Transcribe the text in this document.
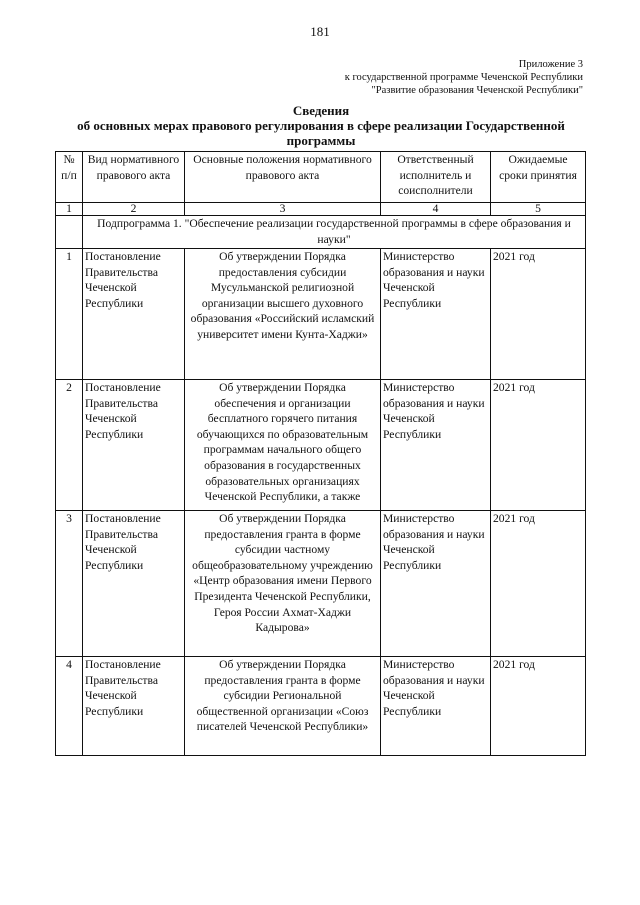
181
Приложение 3
к государственной программе Чеченской Республики
"Развитие образования Чеченской Республики"
Сведения
об основных мерах правового регулирования в сфере реализации Государственной
программы
№ п/п	Вид нормативного правового акта	Основные положения нормативного правового акта	Ответственный исполнитель и соисполнители	Ожидаемые сроки принятия
1	2	3	4	5
	Подпрограмма 1. "Обеспечение реализации государственной программы в сфере образования и науки"			
1	Постановление Правительства Чеченской Республики	Об утверждении Порядка предоставления субсидии Мусульманской религиозной организации высшего духовного образования «Российский исламский университет имени Кунта-Хаджи»	Министерство образования и науки Чеченской Республики	2021 год
2	Постановление Правительства Чеченской Республики	Об утверждении Порядка обеспечения и организации бесплатного горячего питания обучающихся по образовательным программам начального общего образования в государственных образовательных организациях Чеченской Республики, а также	Министерство образования и науки Чеченской Республики	2021 год
3	Постановление Правительства Чеченской Республики	Об утверждении Порядка предоставления гранта в форме субсидии частному общеобразовательному учреждению «Центр образования имени Первого Президента Чеченской Республики, Героя России Ахмат-Хаджи Кадырова»	Министерство образования и науки Чеченской Республики	2021 год
4	Постановление Правительства Чеченской Республики	Об утверждении Порядка предоставления гранта в форме субсидии Региональной общественной организации «Союз писателей Чеченской Республики»	Министерство образования и науки Чеченской Республики	2021 год
